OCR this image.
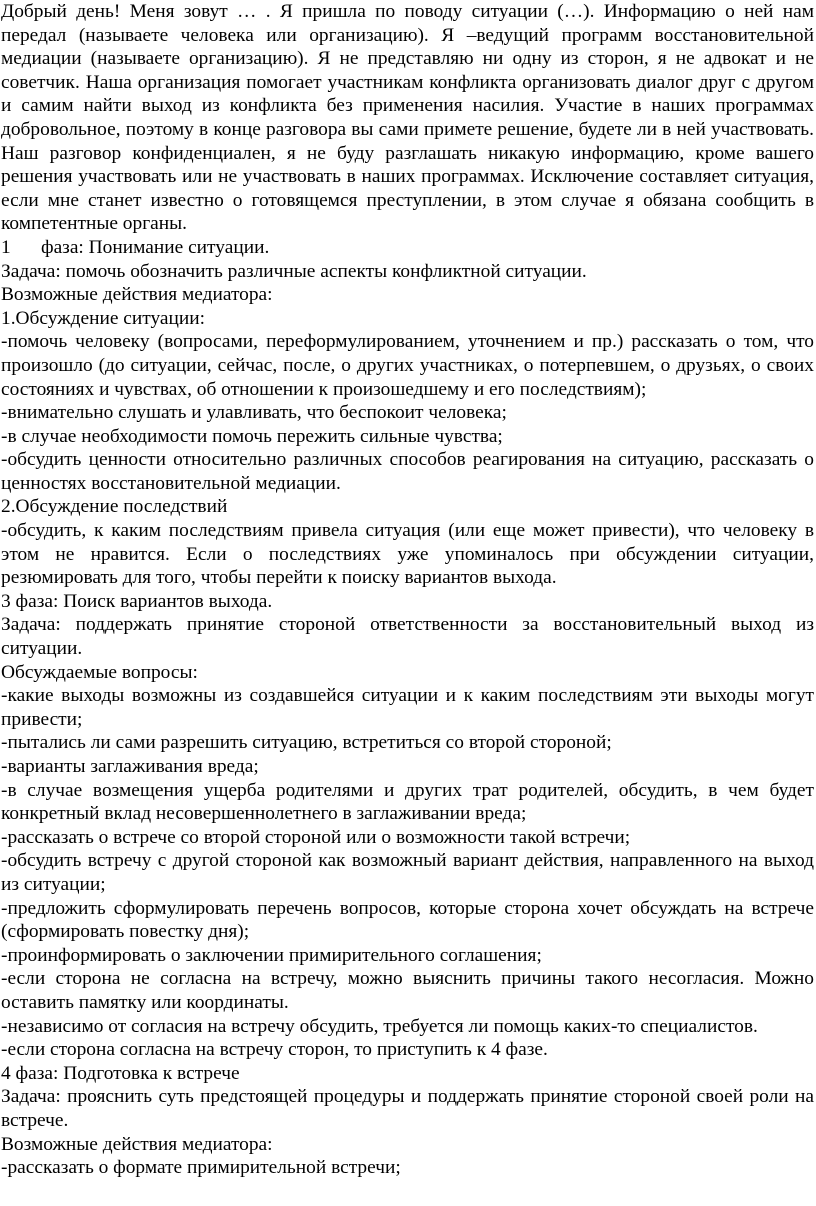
Добрый день! Меня зовут … . Я пришла по поводу ситуации (…). Информацию о ней нам передал (называете человека или организацию). Я –ведущий программ восстановительной медиации (называете организацию). Я не представляю ни одну из сторон, я не адвокат и не советчик. Наша организация помогает участникам конфликта организовать диалог друг с другом и самим найти выход из конфликта без применения насилия. Участие в наших программах добровольное, поэтому в конце разговора вы сами примете решение, будете ли в ней участвовать. Наш разговор конфиденциален, я не буду разглашать никакую информацию, кроме вашего решения участвовать или не участвовать в наших программах. Исключение составляет ситуация, если мне станет известно о готовящемся преступлении, в этом случае я обязана сообщить в компетентные органы.

1 фаза: Понимание ситуации.

Задача: помочь обозначить различные аспекты конфликтной ситуации.

Возможные действия медиатора:

1.Обсуждение ситуации:

-помочь человеку (вопросами, переформулированием, уточнением и пр.) рассказать о том, что произошло (до ситуации, сейчас, после, о других участниках, о потерпевшем, о друзьях, о своих состояниях и чувствах, об отношении к произошедшему и его последствиям);

-внимательно слушать и улавливать, что беспокоит человека;

-в случае необходимости помочь пережить сильные чувства;

-обсудить ценности относительно различных способов реагирования на ситуацию, рассказать о ценностях восстановительной медиации.

2.Обсуждение последствий

-обсудить, к каким последствиям привела ситуация (или еще может привести), что человеку в этом не нравится. Если о последствиях уже упоминалось при обсуждении ситуации, резюмировать для того, чтобы перейти к поиску вариантов выхода.

3 фаза: Поиск вариантов выхода.

Задача: поддержать принятие стороной ответственности за восстановительный выход из ситуации.

Обсуждаемые вопросы:

-какие выходы возможны из создавшейся ситуации и к каким последствиям эти выходы могут привести;

-пытались ли сами разрешить ситуацию, встретиться со второй стороной;

-варианты заглаживания вреда;

-в случае возмещения ущерба родителями и других трат родителей, обсудить, в чем будет конкретный вклад несовершеннолетнего в заглаживании вреда;

-рассказать о встрече со второй стороной или о возможности такой встречи;

-обсудить встречу с другой стороной как возможный вариант действия, направленного на выход из ситуации;

-предложить сформулировать перечень вопросов, которые сторона хочет обсуждать на встрече (сформировать повестку дня);

-проинформировать о заключении примирительного соглашения;

-если сторона не согласна на встречу, можно выяснить причины такого несогласия. Можно оставить памятку или координаты.

-независимо от согласия на встречу обсудить, требуется ли помощь каких-то специалистов.

-если сторона согласна на встречу сторон, то приступить к 4 фазе.

4 фаза: Подготовка к встрече

Задача: прояснить суть предстоящей процедуры и поддержать принятие стороной своей роли на встрече.

Возможные действия медиатора:

-рассказать о формате примирительной встречи;
